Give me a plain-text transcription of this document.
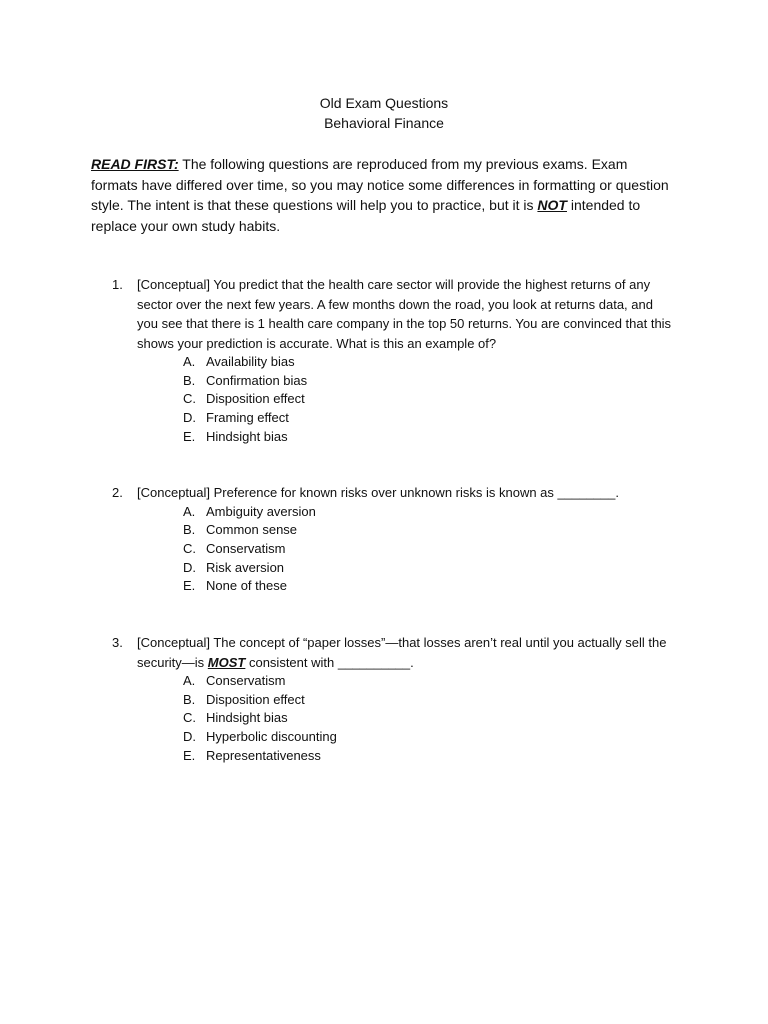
Old Exam Questions
Behavioral Finance
READ FIRST: The following questions are reproduced from my previous exams. Exam formats have differed over time, so you may notice some differences in formatting or question style. The intent is that these questions will help you to practice, but it is NOT intended to replace your own study habits.
1.	[Conceptual] You predict that the health care sector will provide the highest returns of any sector over the next few years. A few months down the road, you look at returns data, and you see that there is 1 health care company in the top 50 returns. You are convinced that this shows your prediction is accurate. What is this an example of?
A. Availability bias
B. Confirmation bias
C. Disposition effect
D. Framing effect
E. Hindsight bias
2.	[Conceptual] Preference for known risks over unknown risks is known as ________.
A. Ambiguity aversion
B. Common sense
C. Conservatism
D. Risk aversion
E. None of these
3.	[Conceptual] The concept of “paper losses”—that losses aren’t real until you actually sell the security—is MOST consistent with __________.
A. Conservatism
B. Disposition effect
C. Hindsight bias
D. Hyperbolic discounting
E. Representativeness
